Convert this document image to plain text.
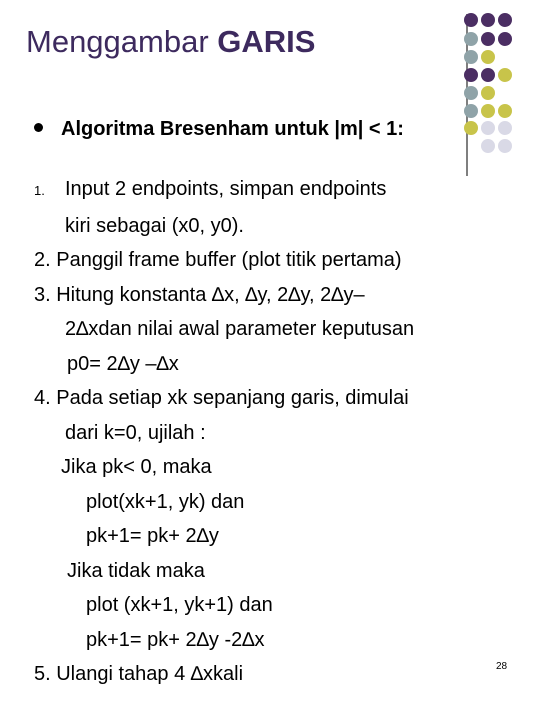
Menggambar GARIS
Algoritma Bresenham untuk |m| < 1:
1. Input 2 endpoints, simpan endpoints
kiri sebagai (x0, y0).
2. Panggil frame buffer (plot titik pertama)
3. Hitung konstanta ∆x, ∆y, 2∆y, 2∆y–
2∆xdan nilai awal parameter keputusan
p0= 2∆y –∆x
4. Pada setiap xk sepanjang garis, dimulai
dari k=0, ujilah :
Jika pk< 0, maka
plot(xk+1, yk) dan
pk+1= pk+ 2∆y
Jika tidak maka
plot (xk+1, yk+1) dan
pk+1= pk+ 2∆y -2∆x
5. Ulangi tahap 4 ∆xkali	28
